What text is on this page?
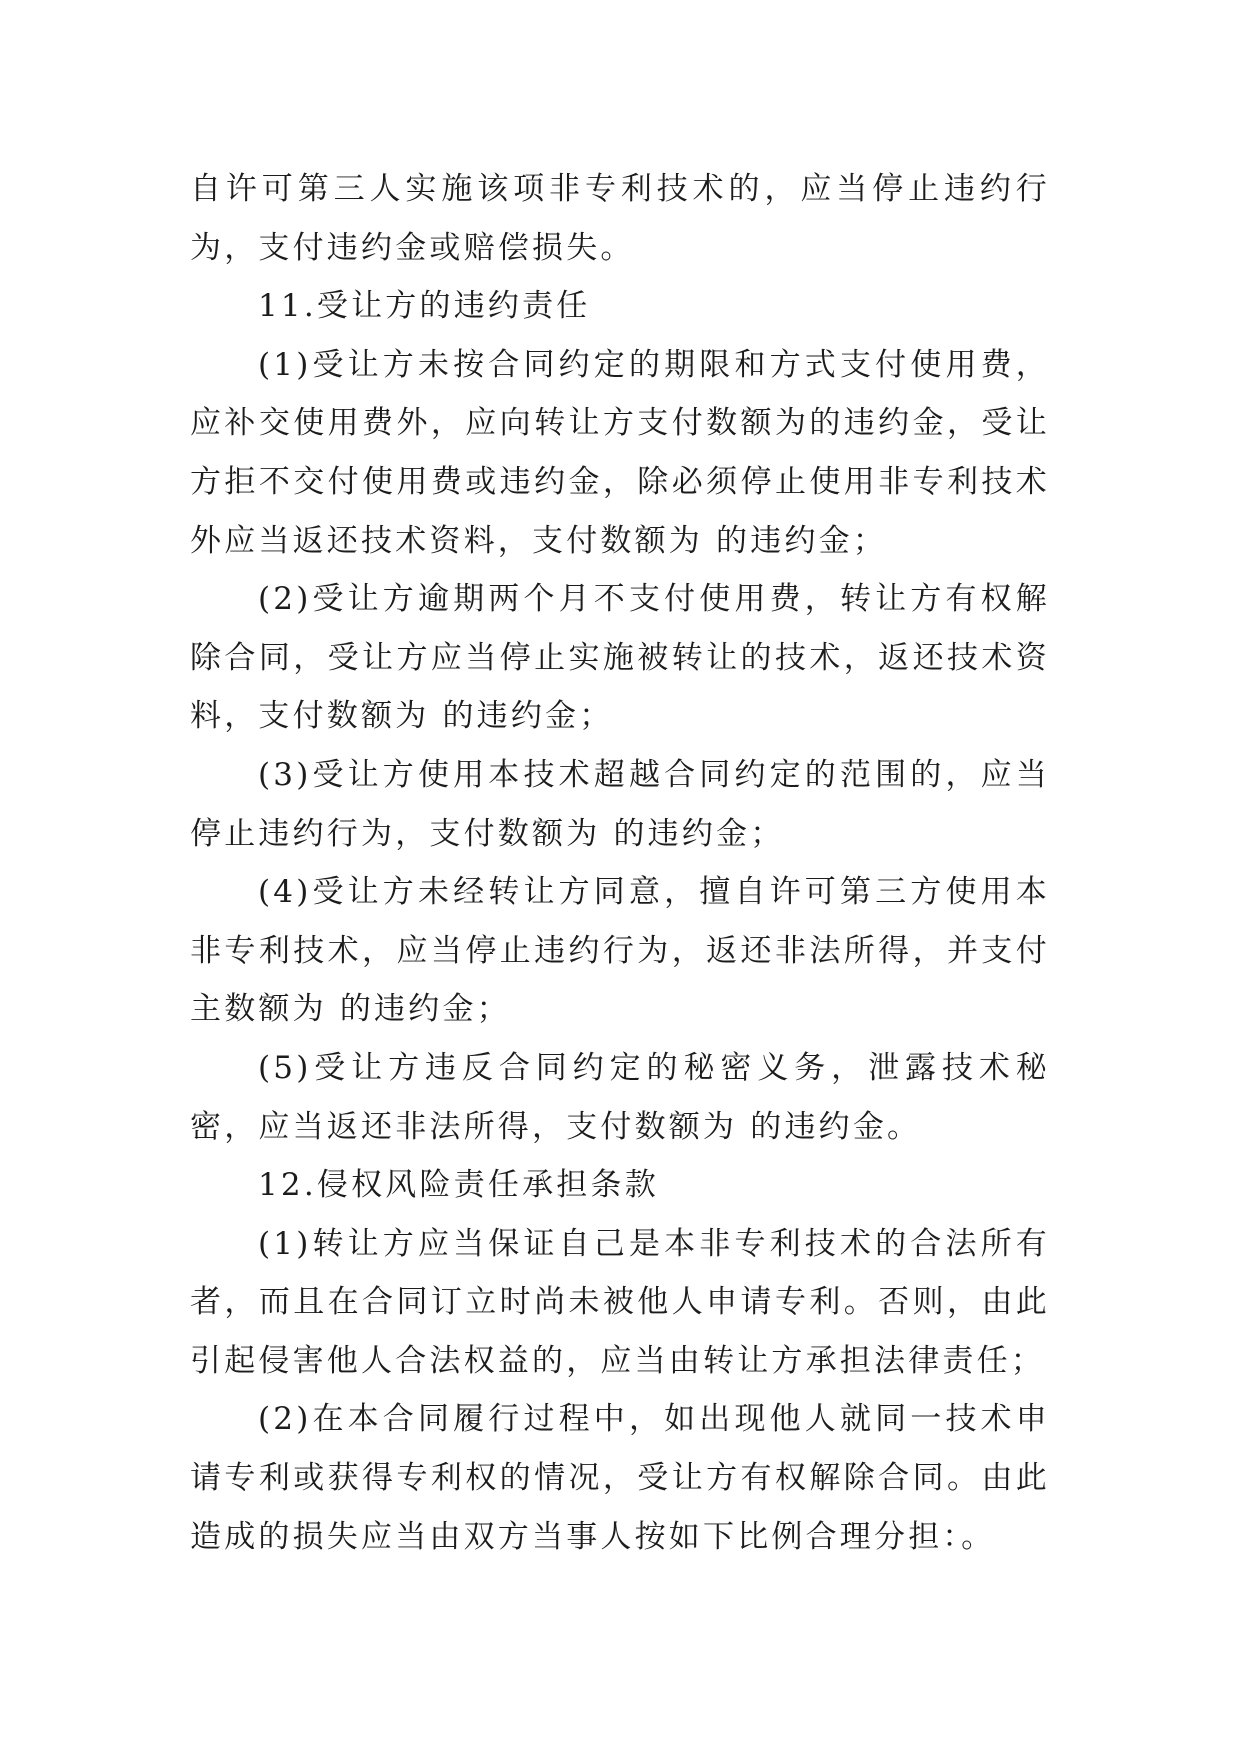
自许可第三人实施该项非专利技术的，应当停止违约行为，支付违约金或赔偿损失。

11.受让方的违约责任

(1)受让方未按合同约定的期限和方式支付使用费，应补交使用费外，应向转让方支付数额为的违约金，受让方拒不交付使用费或违约金，除必须停止使用非专利技术外应当返还技术资料，支付数额为 的违约金；

(2)受让方逾期两个月不支付使用费，转让方有权解除合同，受让方应当停止实施被转让的技术，返还技术资料，支付数额为 的违约金；

(3)受让方使用本技术超越合同约定的范围的，应当停止违约行为，支付数额为 的违约金；

(4)受让方未经转让方同意，擅自许可第三方使用本非专利技术，应当停止违约行为，返还非法所得，并支付主数额为 的违约金；

(5)受让方违反合同约定的秘密义务，泄露技术秘密，应当返还非法所得，支付数额为 的违约金。

12.侵权风险责任承担条款

(1)转让方应当保证自己是本非专利技术的合法所有者，而且在合同订立时尚未被他人申请专利。否则，由此引起侵害他人合法权益的，应当由转让方承担法律责任；

(2)在本合同履行过程中，如出现他人就同一技术申请专利或获得专利权的情况，受让方有权解除合同。由此造成的损失应当由双方当事人按如下比例合理分担：。
